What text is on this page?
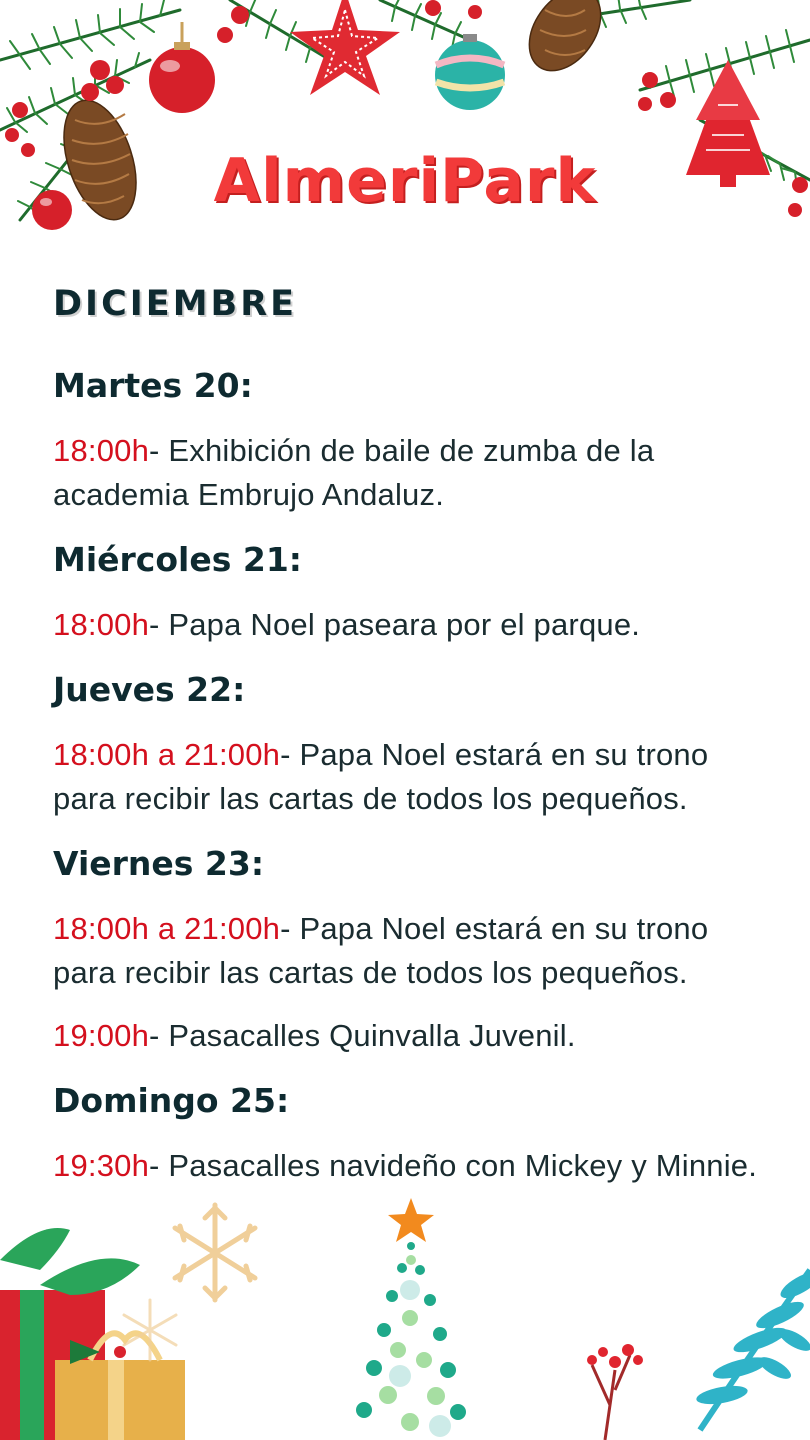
AlmeriPark
DICIEMBRE
Martes 20:
18:00h- Exhibición de baile de zumba de la academia Embrujo Andaluz.
Miércoles 21:
18:00h- Papa Noel paseara por el parque.
Jueves 22:
18:00h a 21:00h- Papa Noel estará en su trono para recibir las cartas de todos los pequeños.
Viernes 23:
18:00h a 21:00h- Papa Noel estará en su trono para recibir las cartas de todos los pequeños.
19:00h- Pasacalles Quinvalla Juvenil.
Domingo 25:
19:30h- Pasacalles navideño con Mickey y Minnie.
